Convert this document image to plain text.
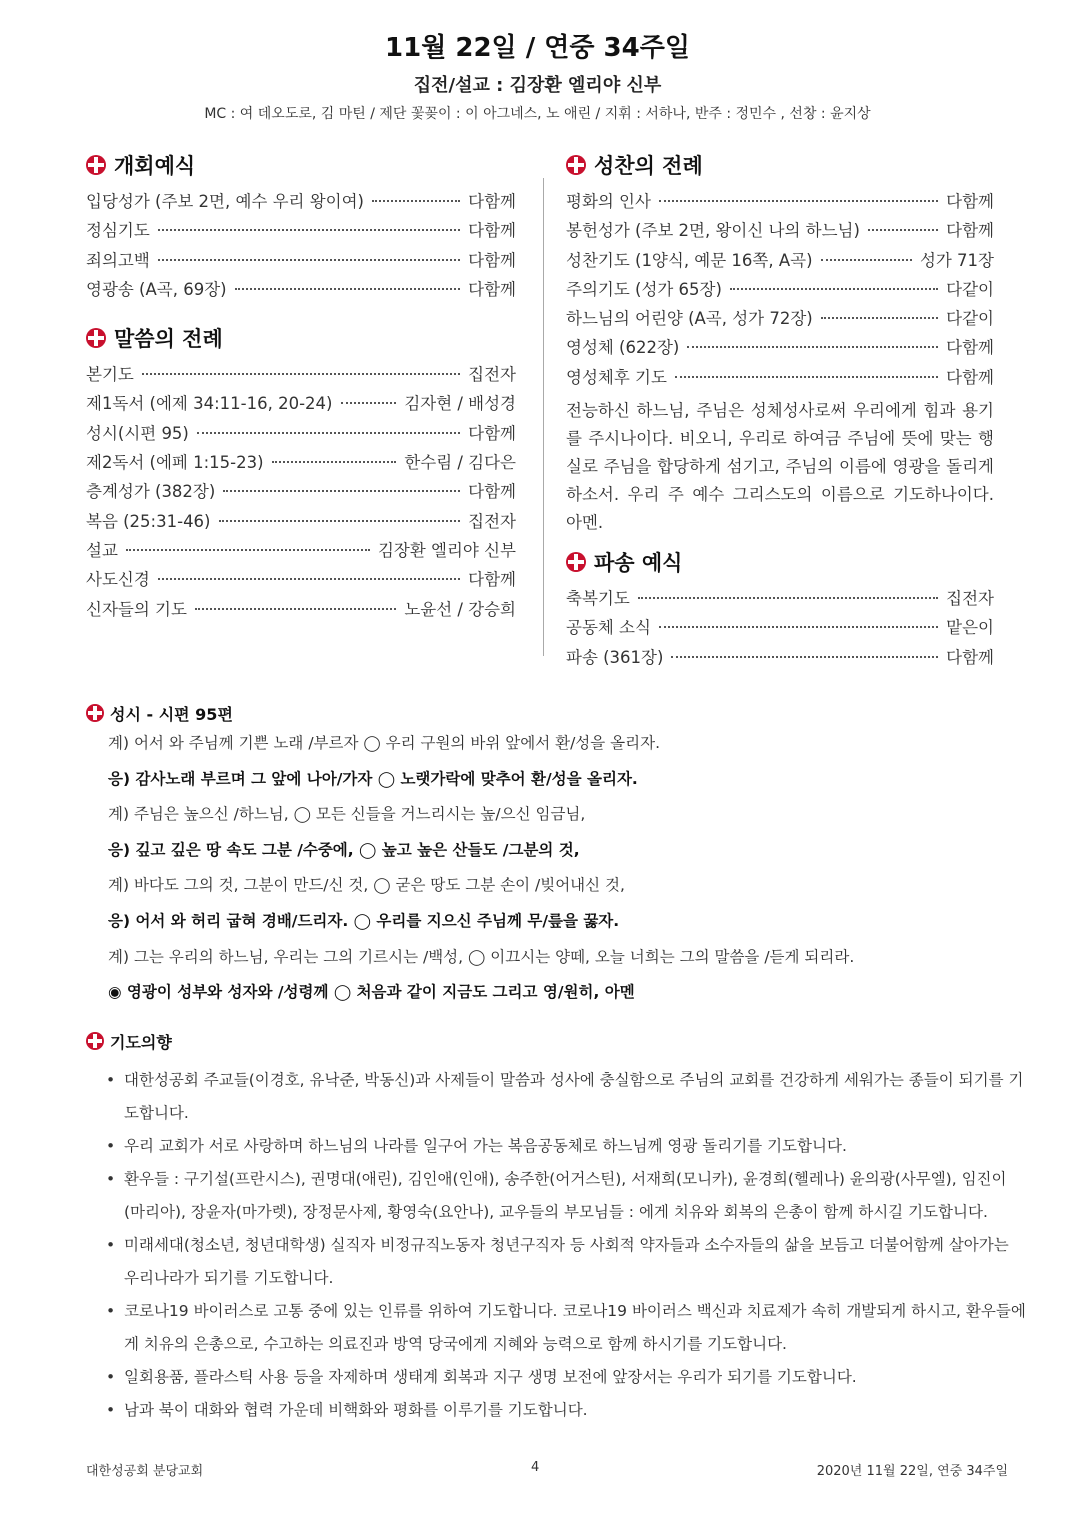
11월 22일 / 연중 34주일
집전/설교 : 김장환 엘리야 신부
MC : 여 데오도로, 김 마틴 / 제단 꽃꽂이 : 이 아그네스, 노 애린 / 지휘 : 서하나, 반주 : 정민수 , 선창 : 윤지상
개회예식
입당성가 (주보 2면, 예수 우리 왕이여)	다함께
정심기도	다함께
죄의고백	다함께
영광송 (A곡, 69장)	다함께
말씀의 전례
본기도	집전자
제1독서 (에제 34:11-16, 20-24)	김자현 / 배성경
성시(시편 95)	다함께
제2독서 (에페 1:15-23)	한수림 / 김다은
층계성가 (382장)	다함께
복음 (25:31-46)	집전자
설교	김장환 엘리야 신부
사도신경	다함께
신자들의 기도	노윤선 / 강승희
성찬의 전례
평화의 인사	다함께
봉헌성가 (주보 2면, 왕이신 나의 하느님)	다함께
성찬기도 (1양식, 예문 16쪽, A곡)	성가 71장
주의기도 (성가 65장)	다같이
하느님의 어린양 (A곡, 성가 72장)	다같이
영성체 (622장)	다함께
영성체후 기도	다함께
전능하신 하느님, 주님은 성체성사로써 우리에게 힘과 용기를 주시나이다. 비오니, 우리로 하여금 주님에 뜻에 맞는 행실로 주님을 합당하게 섬기고, 주님의 이름에 영광을 돌리게 하소서. 우리 주 예수 그리스도의 이름으로 기도하나이다. 아멘.
파송 예식
축복기도	집전자
공동체 소식	맡은이
파송 (361장)	다함께
성시 - 시편 95편
계) 어서 와 주님께 기쁜 노래 /부르자 ◯ 우리 구원의 바위 앞에서 환/성을 올리자.
응) 감사노래 부르며 그 앞에 나아/가자 ◯ 노랫가락에 맞추어 환/성을 올리자.
계) 주님은 높으신 /하느님, ◯ 모든 신들을 거느리시는 높/으신 임금님,
응) 깊고 깊은 땅 속도 그분 /수중에, ◯ 높고 높은 산들도 /그분의 것,
계) 바다도 그의 것, 그분이 만드/신 것, ◯ 굳은 땅도 그분 손이 /빚어내신 것,
응) 어서 와 허리 굽혀 경배/드리자. ◯ 우리를 지으신 주님께 무/릎을 꿇자.
계) 그는 우리의 하느님, 우리는 그의 기르시는 /백성, ◯ 이끄시는 양떼, 오늘 너희는 그의 말씀을 /듣게 되리라.
◉ 영광이 성부와 성자와 /성령께 ◯ 처음과 같이 지금도 그리고 영/원히, 아멘
기도의향
• 대한성공회 주교들(이경호, 유낙준, 박동신)과 사제들이 말씀과 성사에 충실함으로 주님의 교회를 건강하게 세워가는 종들이 되기를 기도합니다.
• 우리 교회가 서로 사랑하며 하느님의 나라를 일구어 가는 복음공동체로 하느님께 영광 돌리기를 기도합니다.
• 환우들 : 구기설(프란시스), 권명대(애린), 김인애(인애), 송주한(어거스틴), 서재희(모니카), 윤경희(헬레나) 윤의광(사무엘), 임진이(마리아), 장윤자(마가렛), 장정문사제, 황영숙(요안나), 교우들의 부모님들 : 에게 치유와 회복의 은총이 함께 하시길 기도합니다.
• 미래세대(청소년, 청년대학생) 실직자 비정규직노동자 청년구직자 등 사회적 약자들과 소수자들의 삶을 보듬고 더불어함께 살아가는 우리나라가 되기를 기도합니다.
• 코로나19 바이러스로 고통 중에 있는 인류를 위하여 기도합니다. 코로나19 바이러스 백신과 치료제가 속히 개발되게 하시고, 환우들에게 치유의 은총으로, 수고하는 의료진과 방역 당국에게 지혜와 능력으로 함께 하시기를 기도합니다.
• 일회용품, 플라스틱 사용 등을 자제하며 생태계 회복과 지구 생명 보전에 앞장서는 우리가 되기를 기도합니다.
• 남과 북이 대화와 협력 가운데 비핵화와 평화를 이루기를 기도합니다.
대한성공회 분당교회	4	2020년 11월 22일, 연중 34주일
